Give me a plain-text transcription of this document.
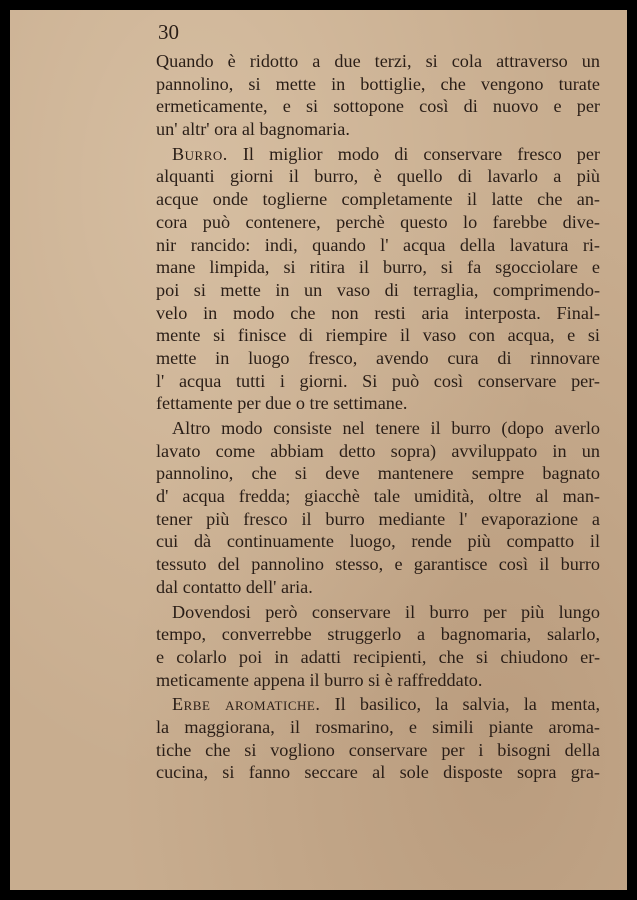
30
Quando è ridotto a due terzi, si cola attraverso un
pannolino, si mette in bottiglie, che vengono turate
ermeticamente, e si sottopone così di nuovo e per
un' altr' ora al bagnomaria.
Burro. Il miglior modo di conservare fresco per
alquanti giorni il burro, è quello di lavarlo a più
acque onde toglierne completamente il latte che an-
cora può contenere, perchè questo lo farebbe dive-
nir rancido: indi, quando l' acqua della lavatura ri-
mane limpida, si ritira il burro, si fa sgocciolare e
poi si mette in un vaso di terraglia, comprimendo-
velo in modo che non resti aria interposta. Final-
mente si finisce di riempire il vaso con acqua, e si
mette in luogo fresco, avendo cura di rinnovare
l' acqua tutti i giorni. Si può così conservare per-
fettamente per due o tre settimane.
Altro modo consiste nel tenere il burro (dopo averlo
lavato come abbiam detto sopra) avviluppato in un
pannolino, che si deve mantenere sempre bagnato
d' acqua fredda; giacchè tale umidità, oltre al man-
tener più fresco il burro mediante l' evaporazione a
cui dà continuamente luogo, rende più compatto il
tessuto del pannolino stesso, e garantisce così il burro
dal contatto dell' aria.
Dovendosi però conservare il burro per più lungo
tempo, converrebbe struggerlo a bagnomaria, salarlo,
e colarlo poi in adatti recipienti, che si chiudono er-
meticamente appena il burro si è raffreddato.
Erbe aromatiche. Il basilico, la salvia, la menta,
la maggiorana, il rosmarino, e simili piante aroma-
tiche che si vogliono conservare per i bisogni della
cucina, si fanno seccare al sole disposte sopra gra-
